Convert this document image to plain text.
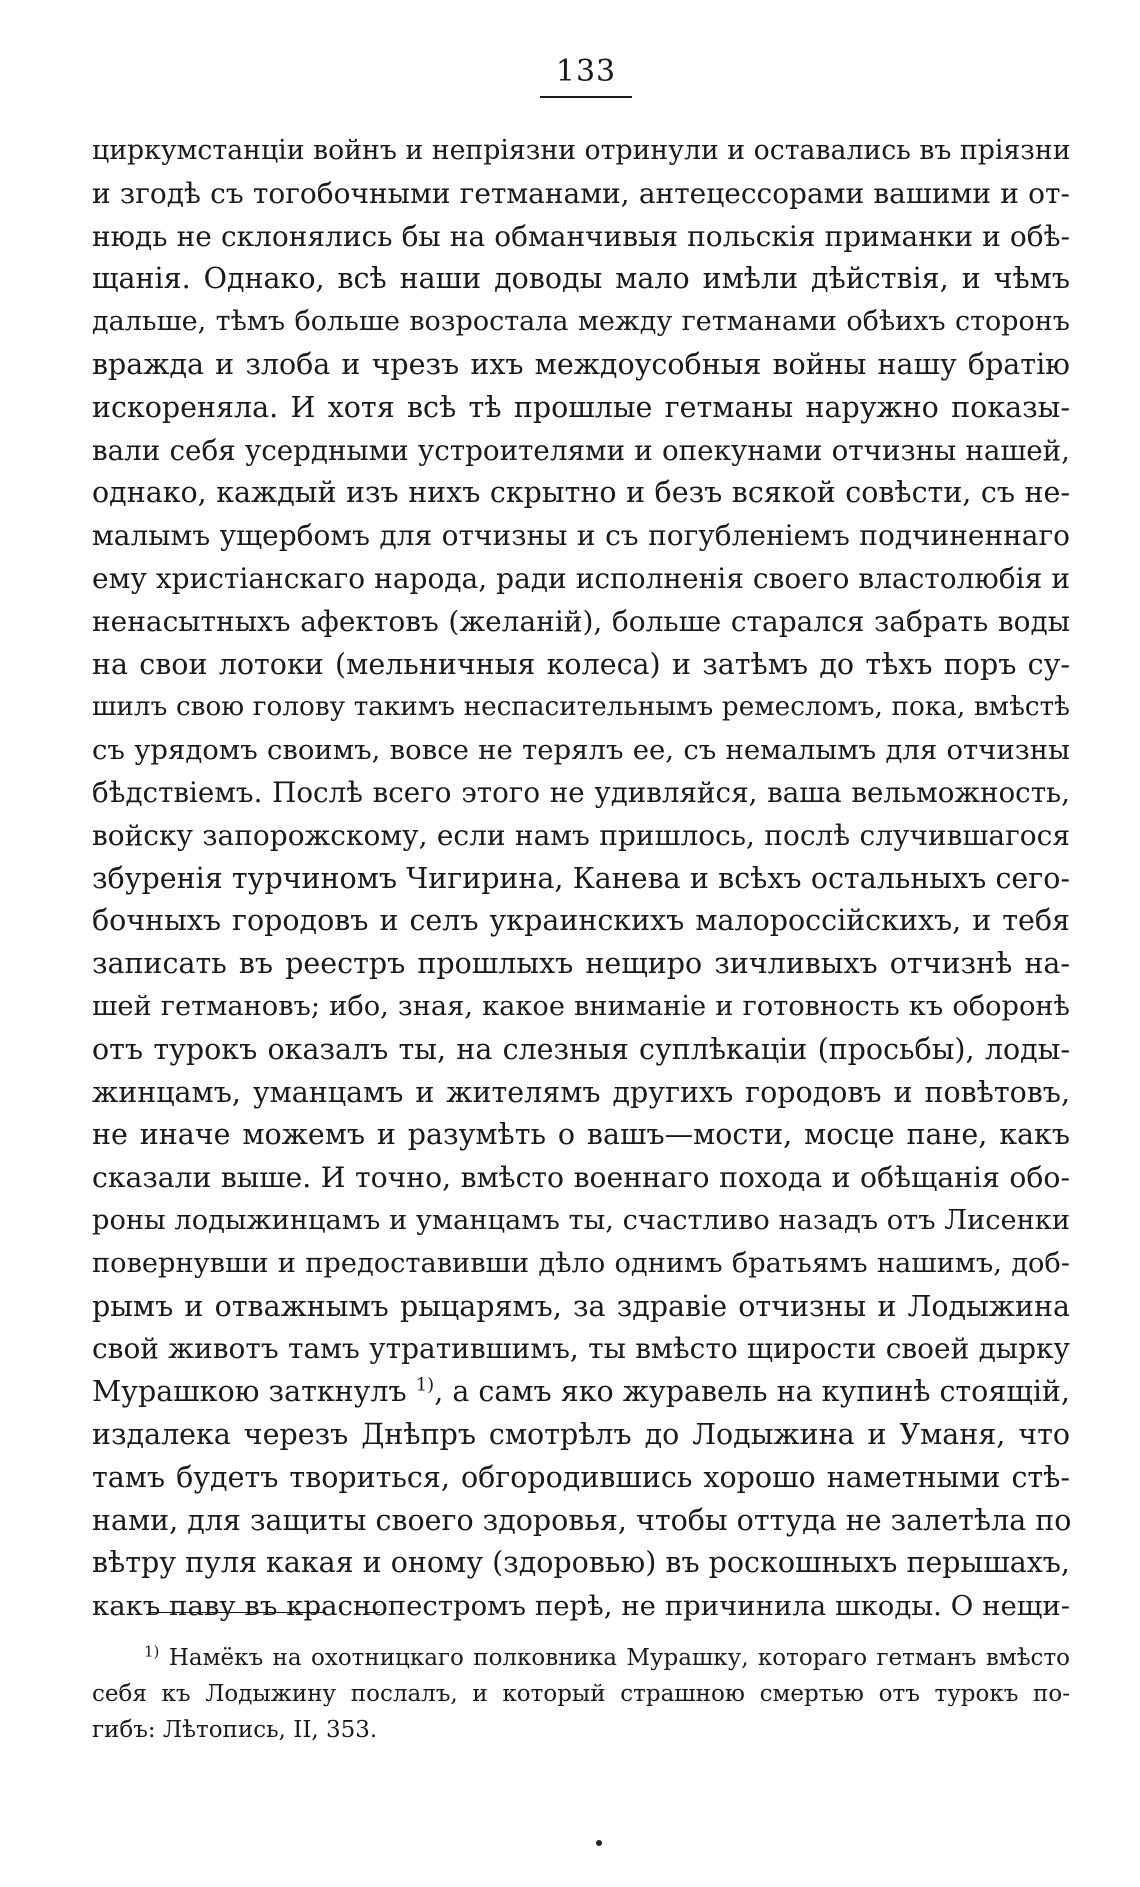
133
циркумстанціи войнъ и непріязни отринули и оставались въ пріязни
и згодѣ съ тогобочными гетманами, антецессорами вашими и от-
нюдь не склонялись бы на обманчивыя польскія приманки и обѣ-
щанія. Однако, всѣ наши доводы мало имѣли дѣйствія, и чѣмъ
дальше, тѣмъ больше возростала между гетманами обѣихъ сторонъ
вражда и злоба и чрезъ ихъ междоусобныя войны нашу братію
искореняла. И хотя всѣ тѣ прошлые гетманы наружно показы-
вали себя усердными устроителями и опекунами отчизны нашей,
однако, каждый изъ нихъ скрытно и безъ всякой совѣсти, съ не-
малымъ ущербомъ для отчизны и съ погубленіемъ подчиненнаго
ему христіанскаго народа, ради исполненія своего властолюбія и
ненасытныхъ афектовъ (желаній), больше старался забрать воды
на свои лотоки (мельничныя колеса) и затѣмъ до тѣхъ поръ су-
шилъ свою голову такимъ неспасительнымъ ремесломъ, пока, вмѣстѣ
съ урядомъ своимъ, вовсе не терялъ ее, съ немалымъ для отчизны
бѣдствіемъ. Послѣ всего этого не удивляйся, ваша вельможность,
войску запорожскому, если намъ пришлось, послѣ случившагося
збуренія турчиномъ Чигирина, Канева и всѣхъ остальныхъ сего-
бочныхъ городовъ и селъ украинскихъ малороссійскихъ, и тебя
записать въ реестръ прошлыхъ нещиро зичливыхъ отчизнѣ на-
шей гетмановъ; ибо, зная, какое вниманіе и готовность къ оборонѣ
отъ турокъ оказалъ ты, на слезныя суплѣкаціи (просьбы), лоды-
жинцамъ, уманцамъ и жителямъ другихъ городовъ и повѣтовъ,
не иначе можемъ и разумѣть о вашъ—мости, мосце пане, какъ
сказали выше. И точно, вмѣсто военнаго похода и обѣщанія обо-
роны лодыжинцамъ и уманцамъ ты, счастливо назадъ отъ Лисенки
повернувши и предоставивши дѣло однимъ братьямъ нашимъ, доб-
рымъ и отважнымъ рыцарямъ, за здравіе отчизны и Лодыжина
свой животъ тамъ утратившимъ, ты вмѣсто щирости своей дырку
Мурашкою заткнулъ $^{1)}$, а самъ яко журавель на купинѣ стоящій,
издалека черезъ Днѣпръ смотрѣлъ до Лодыжина и Уманя, что
тамъ будетъ твориться, обгородившись хорошо наметными стѣ-
нами, для защиты своего здоровья, чтобы оттуда не залетѣла по
вѣтру пуля какая и оному (здоровью) въ роскошныхъ перышахъ,
какъ паву въ краснопестромъ перѣ, не причинила шкоды. О нещи-
$^{1)}$ Намёкъ на охотницкаго полковника Мурашку, котораго гетманъ вмѣсто
себя къ Лодыжину послалъ, и который страшною смертью отъ турокъ по-
гибъ: Лѣтопись, II, 353.
